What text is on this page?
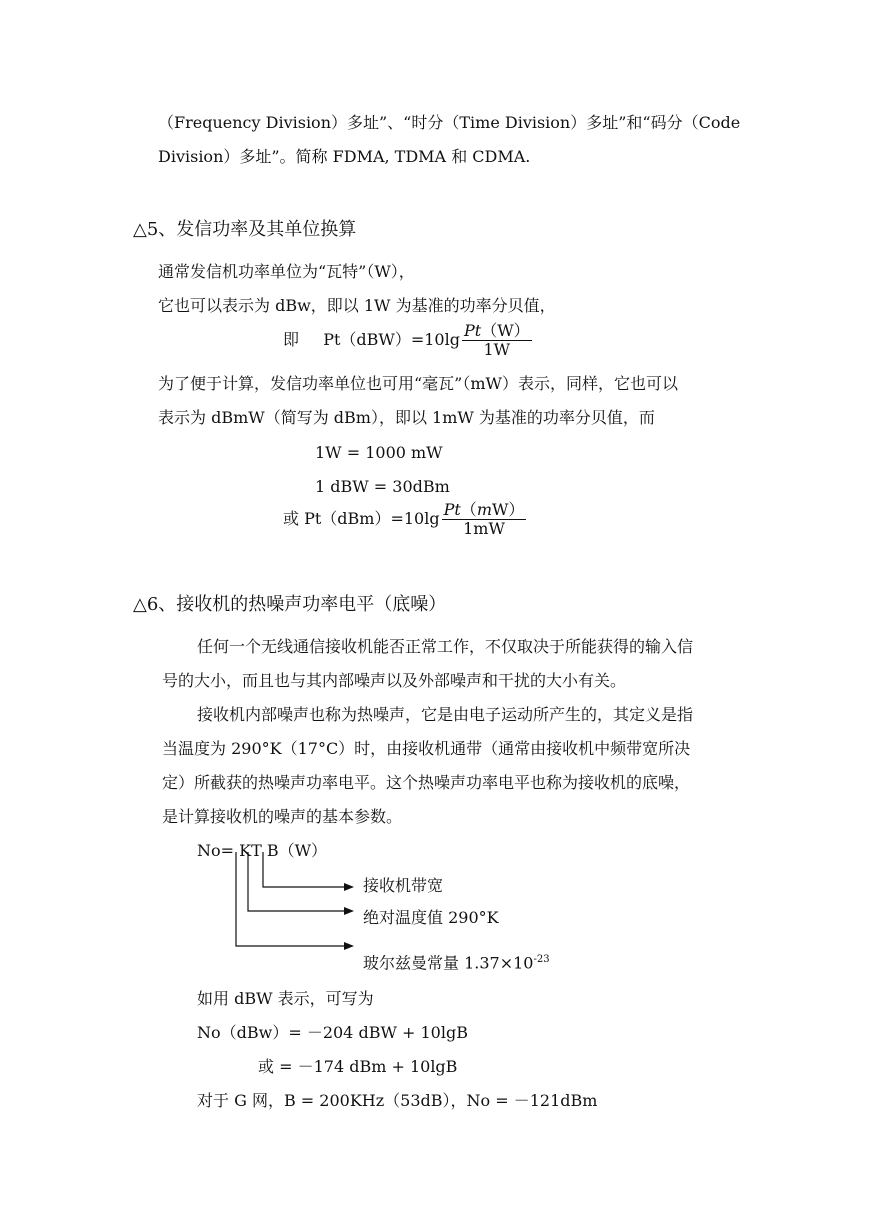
（Frequency Division）多址”、“时分（Time Division）多址”和“码分（Code
Division）多址”。简称 FDMA, TDMA 和 CDMA.
△5、发信功率及其单位换算
通常发信机功率单位为“瓦特”（W），
它也可以表示为 dBw，即以 1W 为基准的功率分贝值，
即 $Pt(dBW)=10\lg \frac{Pt(W)}{1W}$
为了便于计算，发信功率单位也可用“毫瓦”（mW）表示，同样，它也可以
表示为 dBmW（简写为 dBm），即以 1mW 为基准的功率分贝值，而
1W = 1000 mW
1 dBW = 30dBm
或 $Pt(dBm)=10\lg \frac{Pt(mW)}{1mW}$
△6、接收机的热噪声功率电平（底噪）
任何一个无线通信接收机能否正常工作，不仅取决于所能获得的输入信
号的大小，而且也与其内部噪声以及外部噪声和干扰的大小有关。
接收机内部噪声也称为热噪声，它是由电子运动所产生的，其定义是指
当温度为 290°K（17°C）时，由接收机通带（通常由接收机中频带宽所决
定）所截获的热噪声功率电平。这个热噪声功率电平也称为接收机的底噪，
是计算接收机的噪声的基本参数。
No= KT B（W）
接收机带宽
绝对温度值 290°K
玻尔兹曼常量 $1.37\times 10^{-23}$
如用 dBW 表示，可写为
No（dBw）= －204 dBW + 10lgB
或 = －174 dBm + 10lgB
对于 G 网，B = 200KHz（53dB），No = －121dBm
